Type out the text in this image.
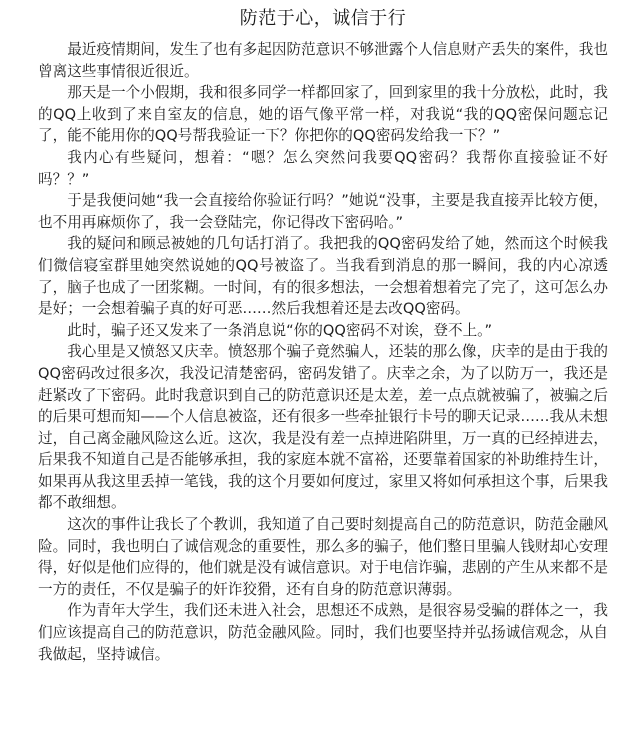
防范于心，诚信于行

最近疫情期间，发生了也有多起因防范意识不够泄露个人信息财产丢失的案件，我也曾离这些事情很近很近。

那天是一个小假期，我和很多同学一样都回家了，回到家里的我十分放松，此时，我的QQ上收到了来自室友的信息，她的语气像平常一样，对我说“我的QQ密保问题忘记了，能不能用你的QQ号帮我验证一下？你把你的QQ密码发给我一下？”

我内心有些疑问，想着：“嗯？怎么突然问我要QQ密码？我帮你直接验证不好吗？？”

于是我便问她“我一会直接给你验证行吗？”她说“没事，主要是我直接弄比较方便，也不用再麻烦你了，我一会登陆完，你记得改下密码哈。”

我的疑问和顾忌被她的几句话打消了。我把我的QQ密码发给了她，然而这个时候我们微信寝室群里她突然说她的QQ号被盗了。当我看到消息的那一瞬间，我的内心凉透了，脑子也成了一团浆糊。一时间，有的很多想法，一会想着想着完了完了，这可怎么办是好；一会想着骗子真的好可恶……然后我想着还是去改QQ密码。

此时，骗子还又发来了一条消息说“你的QQ密码不对诶，登不上。”

我心里是又愤怒又庆幸。愤怒那个骗子竟然骗人，还装的那么像，庆幸的是由于我的QQ密码改过很多次，我没记清楚密码，密码发错了。庆幸之余，为了以防万一，我还是赶紧改了下密码。此时我意识到自己的防范意识还是太差，差一点点就被骗了，被骗之后的后果可想而知——个人信息被盗，还有很多一些牵扯银行卡号的聊天记录……我从未想过，自己离金融风险这么近。这次，我是没有差一点掉进陷阱里，万一真的已经掉进去，后果我不知道自己是否能够承担，我的家庭本就不富裕，还要靠着国家的补助维持生计，如果再从我这里丢掉一笔钱，我的这个月要如何度过，家里又将如何承担这个事，后果我都不敢细想。

这次的事件让我长了个教训，我知道了自己要时刻提高自己的防范意识，防范金融风险。同时，我也明白了诚信观念的重要性，那么多的骗子，他们整日里骗人钱财却心安理得，好似是他们应得的，他们就是没有诚信意识。对于电信诈骗，悲剧的产生从来都不是一方的责任，不仅是骗子的奸诈狡猾，还有自身的防范意识薄弱。

作为青年大学生，我们还未进入社会，思想还不成熟，是很容易受骗的群体之一，我们应该提高自己的防范意识，防范金融风险。同时，我们也要坚持并弘扬诚信观念，从自我做起，坚持诚信。
